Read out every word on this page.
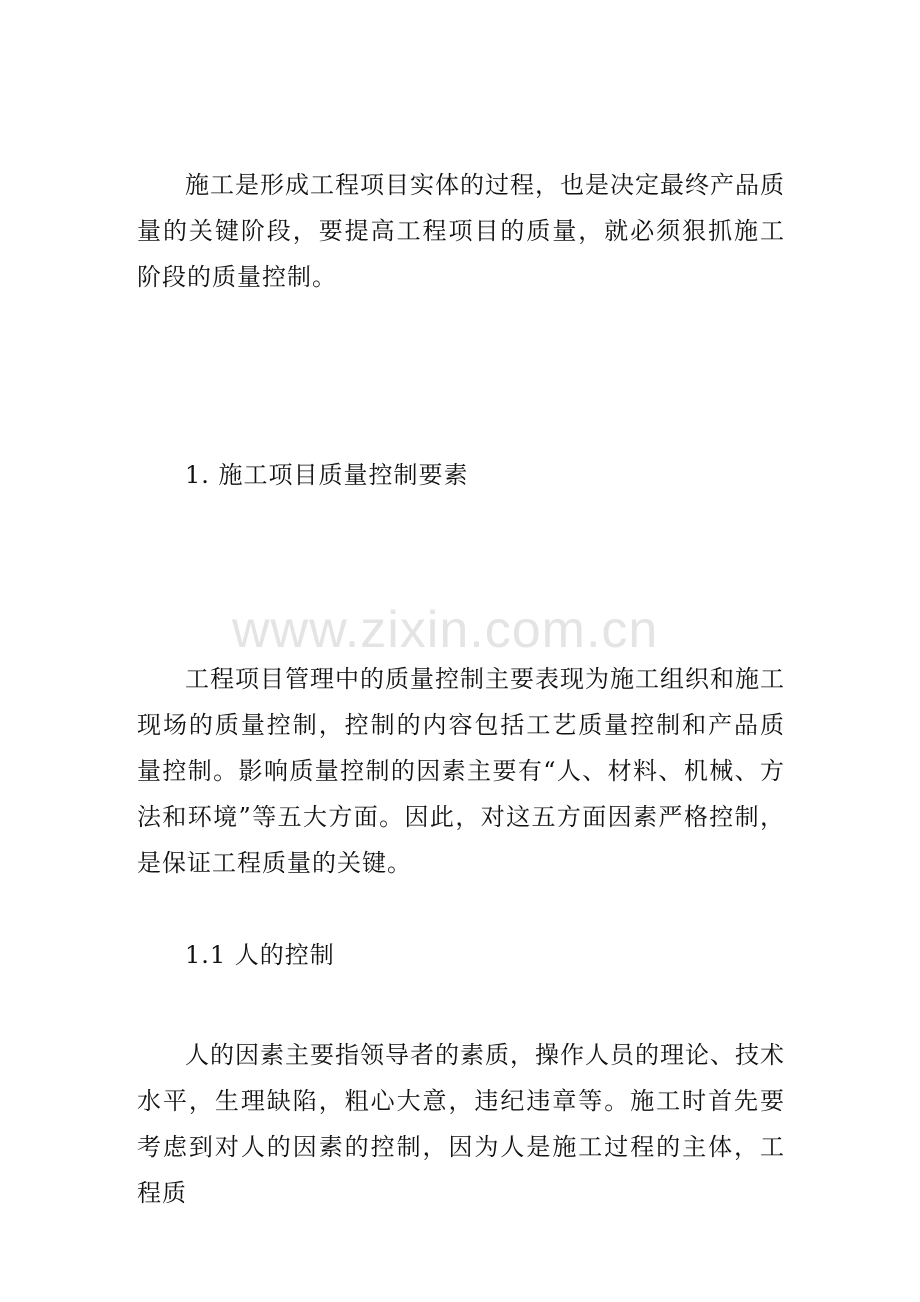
施工是形成工程项目实体的过程，也是决定最终产品质量的关键阶段，要提高工程项目的质量，就必须狠抓施工阶段的质量控制。

1. 施工项目质量控制要素

工程项目管理中的质量控制主要表现为施工组织和施工现场的质量控制，控制的内容包括工艺质量控制和产品质量控制。影响质量控制的因素主要有“人、材料、机械、方法和环境”等五大方面。因此，对这五方面因素严格控制，是保证工程质量的关键。

1.1 人的控制

人的因素主要指领导者的素质，操作人员的理论、技术水平，生理缺陷，粗心大意，违纪违章等。施工时首先要考虑到对人的因素的控制，因为人是施工过程的主体，工程质

www.zixin.com.cn
